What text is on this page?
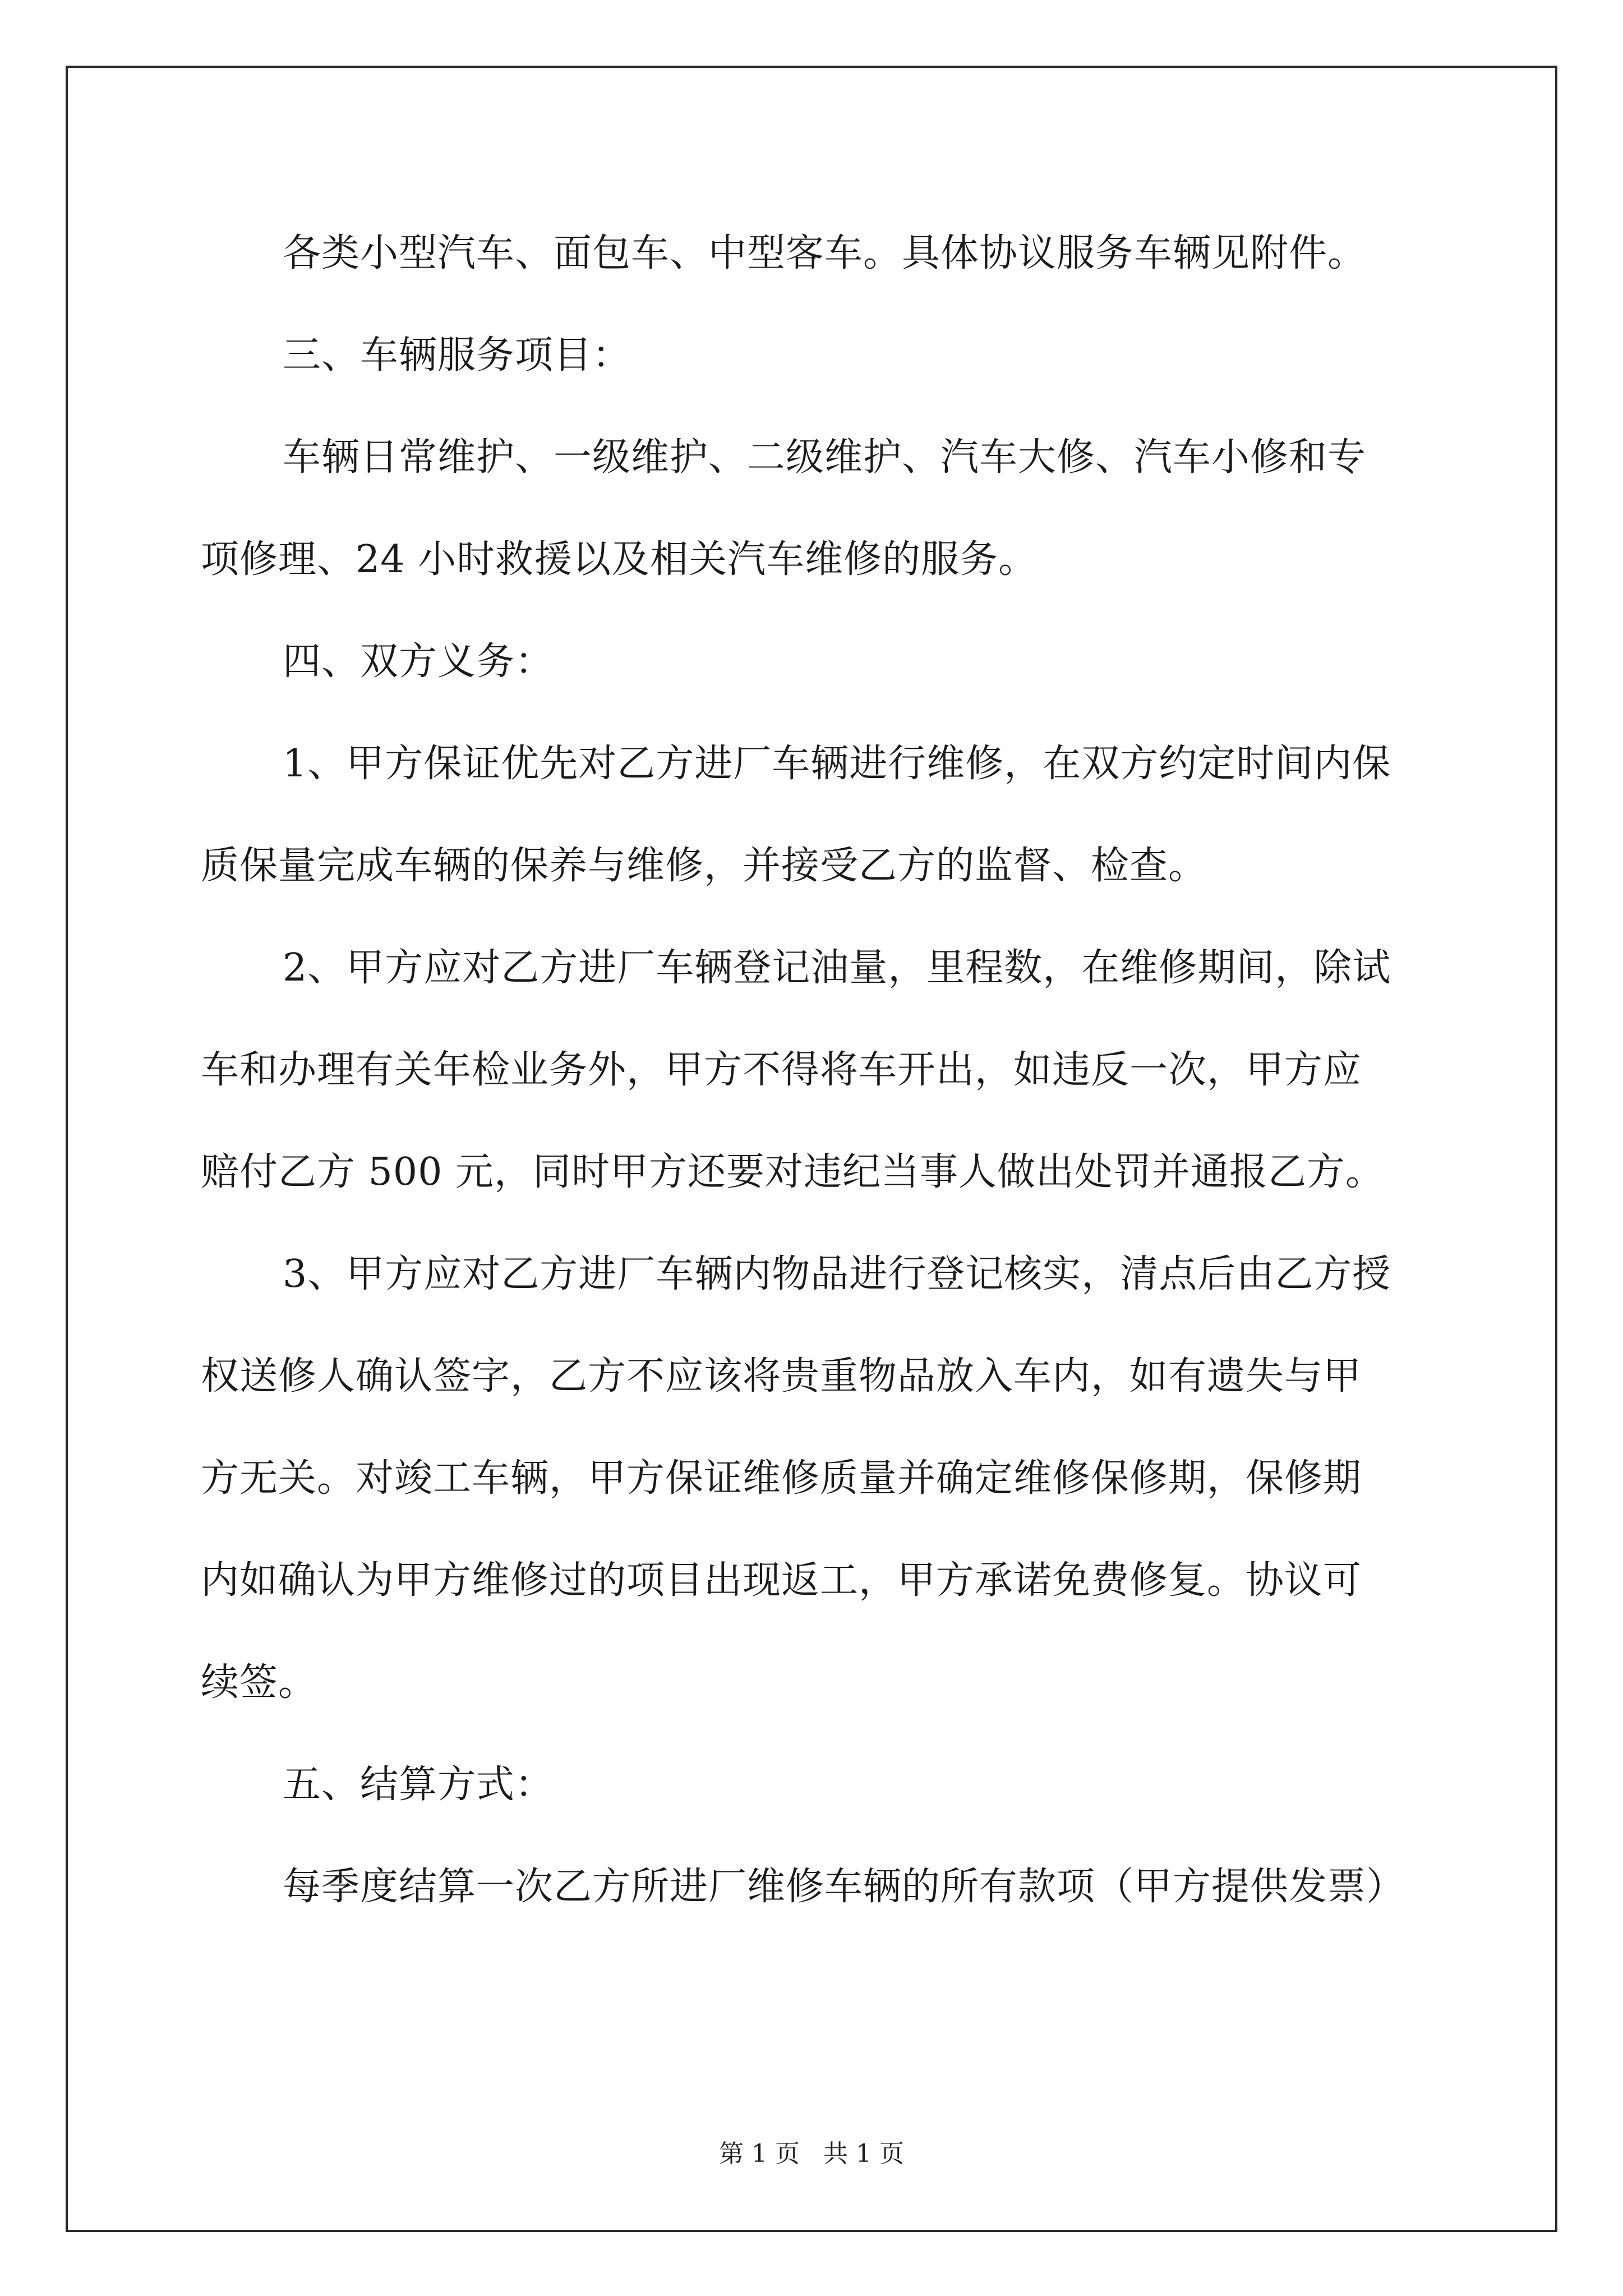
各类小型汽车、面包车、中型客车。具体协议服务车辆见附件。
三、车辆服务项目：
车辆日常维护、一级维护、二级维护、汽车大修、汽车小修和专
项修理、24 小时救援以及相关汽车维修的服务。
四、双方义务：
1、甲方保证优先对乙方进厂车辆进行维修，在双方约定时间内保
质保量完成车辆的保养与维修，并接受乙方的监督、检查。
2、甲方应对乙方进厂车辆登记油量，里程数，在维修期间，除试
车和办理有关年检业务外，甲方不得将车开出，如违反一次，甲方应
赔付乙方 500 元，同时甲方还要对违纪当事人做出处罚并通报乙方。
3、甲方应对乙方进厂车辆内物品进行登记核实，清点后由乙方授
权送修人确认签字，乙方不应该将贵重物品放入车内，如有遗失与甲
方无关。对竣工车辆，甲方保证维修质量并确定维修保修期，保修期
内如确认为甲方维修过的项目出现返工，甲方承诺免费修复。协议可
续签。
五、结算方式：
每季度结算一次乙方所进厂维修车辆的所有款项（甲方提供发票）
第 1 页   共 1 页
